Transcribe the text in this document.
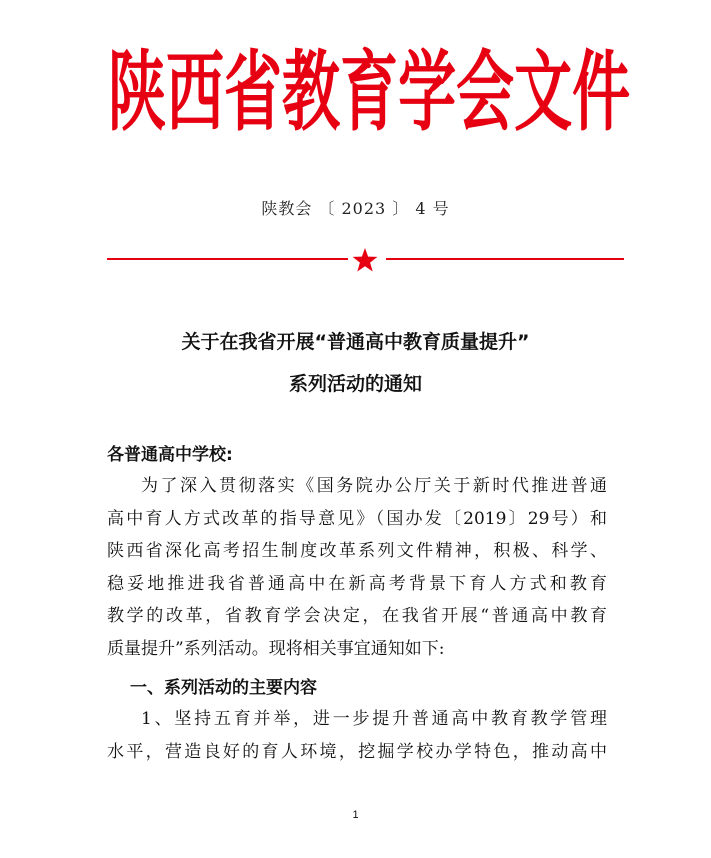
陕 西 省 教 育 学 会 文 件
陕教会 〔 2023 〕 4 号
关于在我省开展“普通高中教育质量提升”
系列活动的通知
各普通高中学校:
为了深入贯彻落实《国务院办公厅关于新时代推进普通
高中育人方式改革的指导意见》（国办发〔2019〕29号）和
陕西省深化高考招生制度改革系列文件精神，积极、科学、
稳妥地推进我省普通高中在新高考背景下育人方式和教育
教学的改革，省教育学会决定，在我省开展“普通高中教育
质量提升”系列活动。现将相关事宜通知如下:
一、系列活动的主要内容
1、坚持五育并举，进一步提升普通高中教育教学管理
水平，营造良好的育人环境，挖掘学校办学特色，推动高中
1
